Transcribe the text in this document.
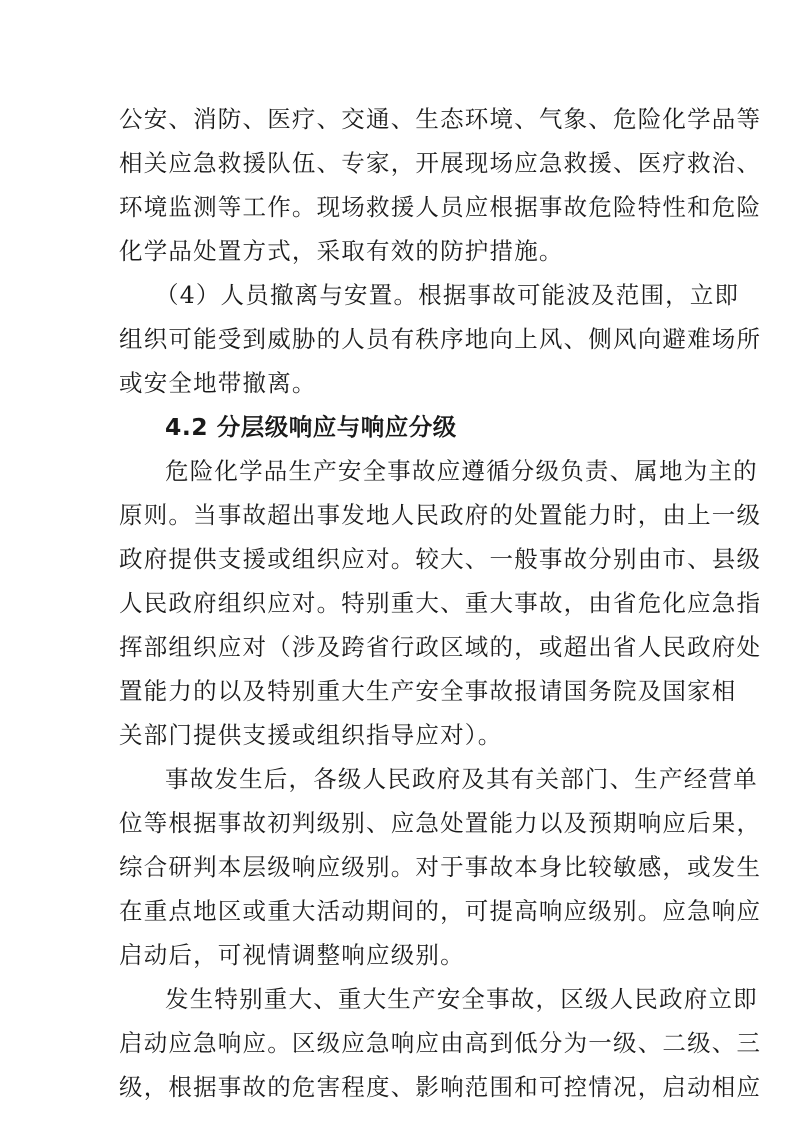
公安、消防、医疗、交通、生态环境、气象、危险化学品等
相关应急救援队伍、专家，开展现场应急救援、医疗救治、
环境监测等工作。现场救援人员应根据事故危险特性和危险
化学品处置方式，采取有效的防护措施。
（4）人员撤离与安置。根据事故可能波及范围，立即
组织可能受到威胁的人员有秩序地向上风、侧风向避难场所
或安全地带撤离。
4.2 分层级响应与响应分级
危险化学品生产安全事故应遵循分级负责、属地为主的
原则。当事故超出事发地人民政府的处置能力时，由上一级
政府提供支援或组织应对。较大、一般事故分别由市、县级
人民政府组织应对。特别重大、重大事故，由省危化应急指
挥部组织应对（涉及跨省行政区域的，或超出省人民政府处
置能力的以及特别重大生产安全事故报请国务院及国家相
关部门提供支援或组织指导应对）。
事故发生后，各级人民政府及其有关部门、生产经营单
位等根据事故初判级别、应急处置能力以及预期响应后果，
综合研判本层级响应级别。对于事故本身比较敏感，或发生
在重点地区或重大活动期间的，可提高响应级别。应急响应
启动后，可视情调整响应级别。
发生特别重大、重大生产安全事故，区级人民政府立即
启动应急响应。区级应急响应由高到低分为一级、二级、三
级，根据事故的危害程度、影响范围和可控情况，启动相应
